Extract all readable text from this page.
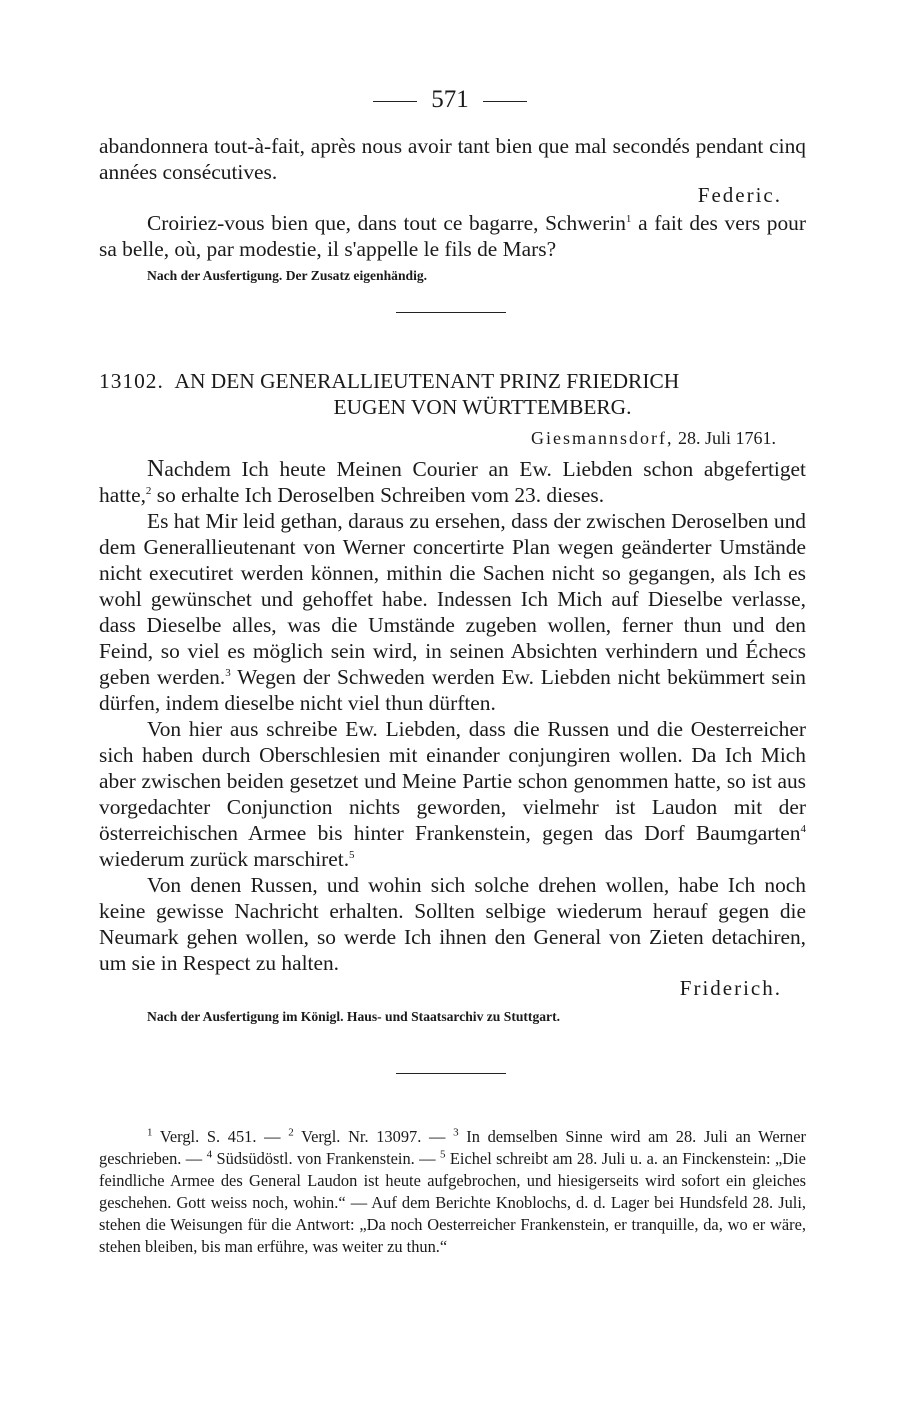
571

abandonnera tout-à-fait, après nous avoir tant bien que mal secondés pendant cinq années consécutives.

Federic.

Croiriez-vous bien que, dans tout ce bagarre, Schwerin$^1$ a fait des vers pour sa belle, où, par modestie, il s'appelle le fils de Mars?

Nach der Ausfertigung. Der Zusatz eigenhändig.

13102. AN DEN GENERALLIEUTENANT PRINZ FRIEDRICH
EUGEN VON WÜRTTEMBERG.
Giesmannsdorf, 28. Juli 1761.

Nachdem Ich heute Meinen Courier an Ew. Liebden schon abgefertiget hatte,$^2$ so erhalte Ich Deroselben Schreiben vom 23. dieses.

Es hat Mir leid gethan, daraus zu ersehen, dass der zwischen Deroselben und dem Generallieutenant von Werner concertirte Plan wegen geänderter Umstände nicht executiret werden können, mithin die Sachen nicht so gegangen, als Ich es wohl gewünschet und gehoffet habe. Indessen Ich Mich auf Dieselbe verlasse, dass Dieselbe alles, was die Umstände zugeben wollen, ferner thun und den Feind, so viel es möglich sein wird, in seinen Absichten verhindern und Échecs geben werden.$^3$ Wegen der Schweden werden Ew. Liebden nicht bekümmert sein dürfen, indem dieselbe nicht viel thun dürften.

Von hier aus schreibe Ew. Liebden, dass die Russen und die Oesterreicher sich haben durch Oberschlesien mit einander conjungiren wollen. Da Ich Mich aber zwischen beiden gesetzet und Meine Partie schon genommen hatte, so ist aus vorgedachter Conjunction nichts geworden, vielmehr ist Laudon mit der österreichischen Armee bis hinter Frankenstein, gegen das Dorf Baumgarten$^4$ wiederum zurück marschiret.$^5$

Von denen Russen, und wohin sich solche drehen wollen, habe Ich noch keine gewisse Nachricht erhalten. Sollten selbige wiederum herauf gegen die Neumark gehen wollen, so werde Ich ihnen den General von Zieten detachiren, um sie in Respect zu halten.

Friderich.

Nach der Ausfertigung im Königl. Haus- und Staatsarchiv zu Stuttgart.

$^1$ Vergl. S. 451. — $^2$ Vergl. Nr. 13097. — $^3$ In demselben Sinne wird am 28. Juli an Werner geschrieben. — $^4$ Südsüdöstl. von Frankenstein. — $^5$ Eichel schreibt am 28. Juli u. a. an Finckenstein: „Die feindliche Armee des General Laudon ist heute aufgebrochen, und hiesigerseits wird sofort ein gleiches geschehen. Gott weiss noch, wohin.“ — Auf dem Berichte Knoblochs, d. d. Lager bei Hundsfeld 28. Juli, stehen die Weisungen für die Antwort: „Da noch Oesterreicher Frankenstein, er tranquille, da, wo er wäre, stehen bleiben, bis man erführe, was weiter zu thun.“
